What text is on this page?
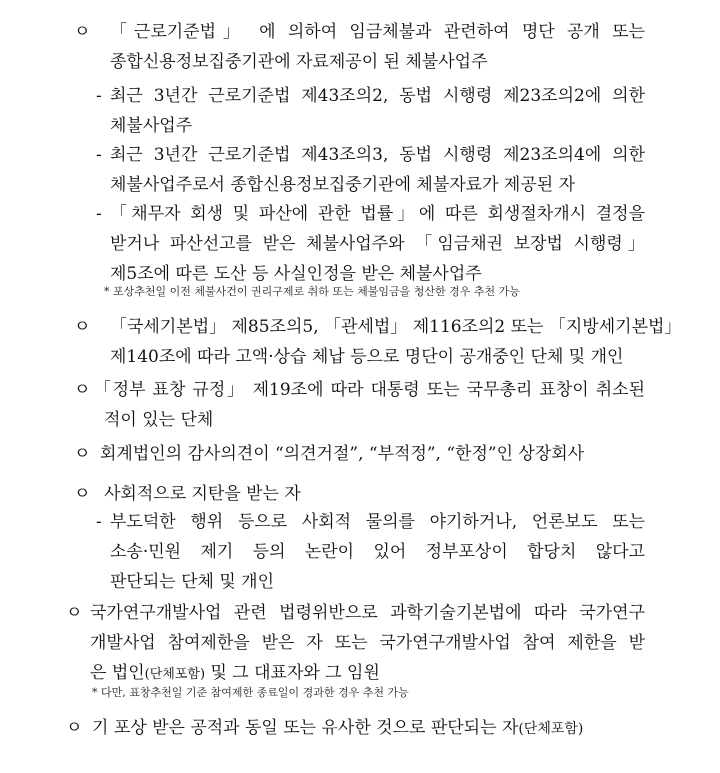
ㅇ 「근로기준법」 에 의하여 임금체불과 관련하여 명단 공개 또는
종합신용정보집중기관에 자료제공이 된 체불사업주
- 최근 3년간 근로기준법 제43조의2, 동법 시행령 제23조의2에 의한
체불사업주
- 최근 3년간 근로기준법 제43조의3, 동법 시행령 제23조의4에 의한
체불사업주로서 종합신용정보집중기관에 체불자료가 제공된 자
- 「채무자 회생 및 파산에 관한 법률」에 따른 회생절차개시 결정을
받거나 파산선고를 받은 체불사업주와 「임금채권 보장법 시행령」
제5조에 따른 도산 등 사실인정을 받은 체불사업주
* 포상추천일 이전 체불사건이 권리구제로 취하 또는 체불임금을 청산한 경우 추천 가능
ㅇ 「국세기본법」 제85조의5, 「관세법」 제116조의2 또는 「지방세기본법」
제140조에 따라 고액·상습 체납 등으로 명단이 공개중인 단체 및 개인
ㅇ 「정부 표창 규정」 제19조에 따라 대통령 또는 국무총리 표창이 취소된
적이 있는 단체
ㅇ 회계법인의 감사의견이 “의견거절”, “부적정”, “한정”인 상장회사
ㅇ 사회적으로 지탄을 받는 자
- 부도덕한 행위 등으로 사회적 물의를 야기하거나, 언론보도 또는
소송·민원 제기 등의 논란이 있어 정부포상이 합당치 않다고
판단되는 단체 및 개인
ㅇ 국가연구개발사업 관련 법령위반으로 과학기술기본법에 따라 국가연구
개발사업 참여제한을 받은 자 또는 국가연구개발사업 참여 제한을 받
은 법인(단체포함) 및 그 대표자와 그 임원
* 다만, 표창추천일 기준 참여제한 종료일이 경과한 경우 추천 가능
ㅇ 기 포상 받은 공적과 동일 또는 유사한 것으로 판단되는 자(단체포함)
